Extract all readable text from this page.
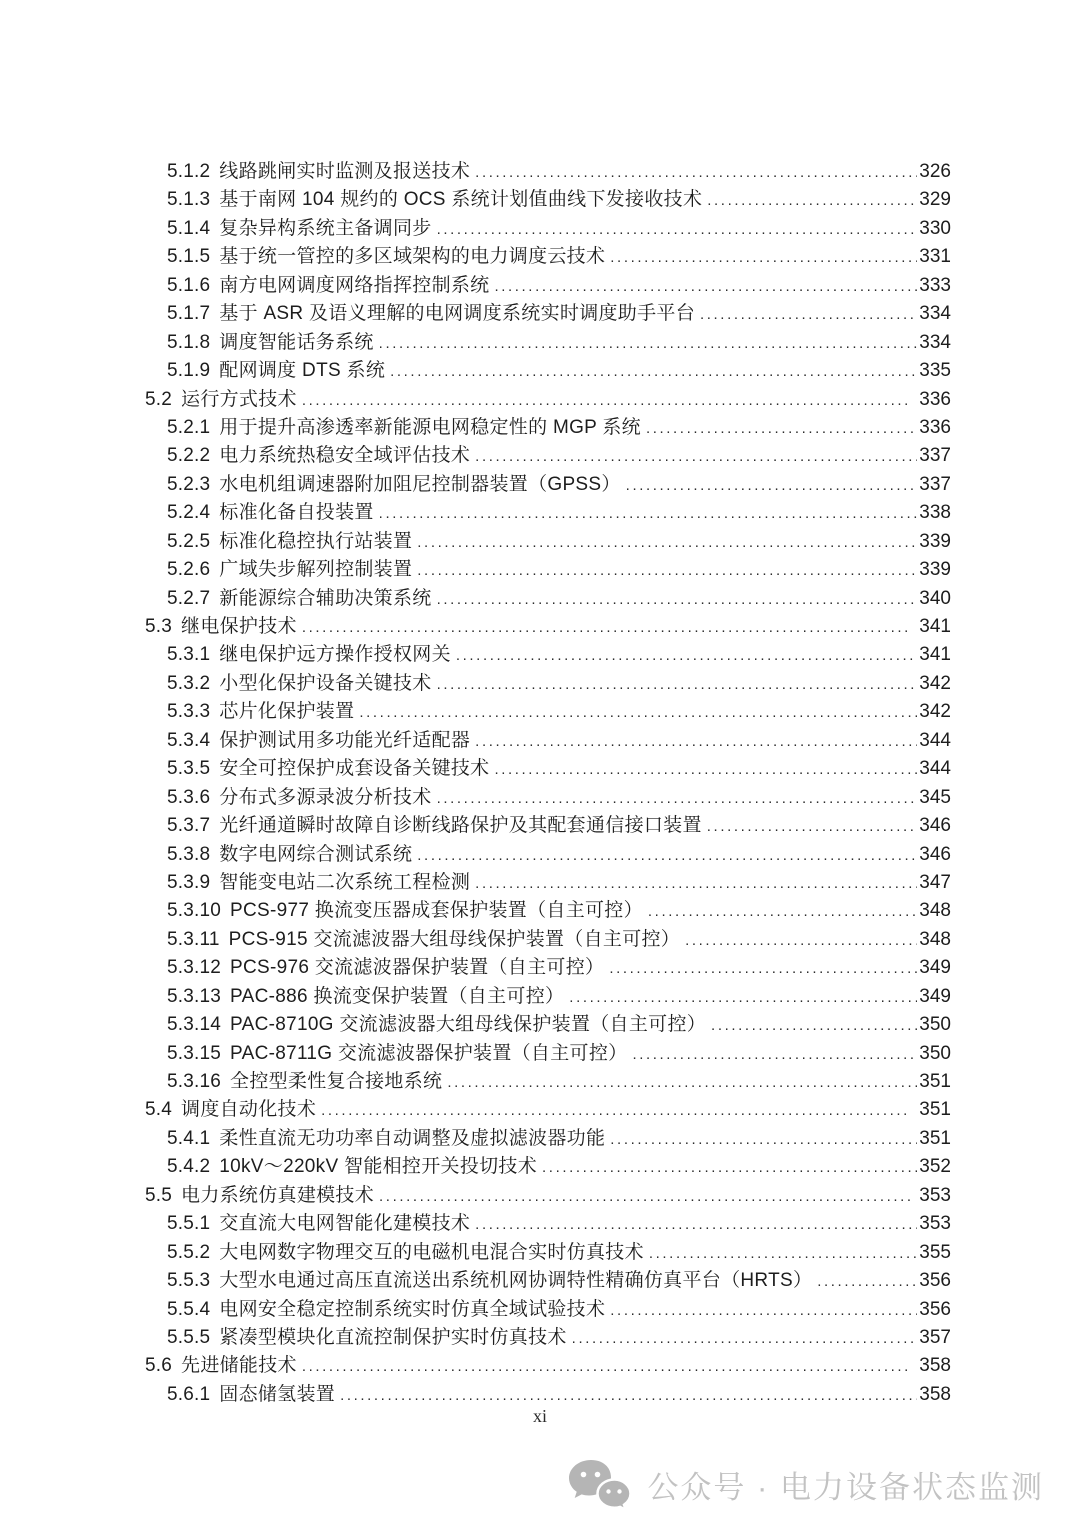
5.1.2 线路跳闸实时监测及报送技术 .....	326
5.1.3 基于南网 104 规约的 OCS 系统计划值曲线下发接收技术 .....	329
5.1.4 复杂异构系统主备调同步 .....	330
5.1.5 基于统一管控的多区域架构的电力调度云技术 .....	331
5.1.6 南方电网调度网络指挥控制系统 .....	333
5.1.7 基于 ASR 及语义理解的电网调度系统实时调度助手平台 .....	334
5.1.8 调度智能话务系统 .....	334
5.1.9 配网调度 DTS 系统 .....	335
5.2 运行方式技术 .....	336
5.2.1 用于提升高渗透率新能源电网稳定性的 MGP 系统 .....	336
5.2.2 电力系统热稳安全域评估技术 .....	337
5.2.3 水电机组调速器附加阻尼控制器装置（GPSS） .....	337
5.2.4 标准化备自投装置 .....	338
5.2.5 标准化稳控执行站装置 .....	339
5.2.6 广域失步解列控制装置 .....	339
5.2.7 新能源综合辅助决策系统 .....	340
5.3 继电保护技术 .....	341
5.3.1 继电保护远方操作授权网关 .....	341
5.3.2 小型化保护设备关键技术 .....	342
5.3.3 芯片化保护装置 .....	342
5.3.4 保护测试用多功能光纤适配器 .....	344
5.3.5 安全可控保护成套设备关键技术 .....	344
5.3.6 分布式多源录波分析技术 .....	345
5.3.7 光纤通道瞬时故障自诊断线路保护及其配套通信接口装置 .....	346
5.3.8 数字电网综合测试系统 .....	346
5.3.9 智能变电站二次系统工程检测 .....	347
5.3.10 PCS-977 换流变压器成套保护装置（自主可控） .....	348
5.3.11 PCS-915 交流滤波器大组母线保护装置（自主可控） .....	348
5.3.12 PCS-976 交流滤波器保护装置（自主可控） .....	349
5.3.13 PAC-886 换流变保护装置（自主可控） .....	349
5.3.14 PAC-8710G 交流滤波器大组母线保护装置（自主可控） .....	350
5.3.15 PAC-8711G 交流滤波器保护装置（自主可控） .....	350
5.3.16 全控型柔性复合接地系统 .....	351
5.4 调度自动化技术 .....	351
5.4.1 柔性直流无功功率自动调整及虚拟滤波器功能 .....	351
5.4.2 10kV～220kV 智能相控开关投切技术 .....	352
5.5 电力系统仿真建模技术 .....	353
5.5.1 交直流大电网智能化建模技术 .....	353
5.5.2 大电网数字物理交互的电磁机电混合实时仿真技术 .....	355
5.5.3 大型水电通过高压直流送出系统机网协调特性精确仿真平台（HRTS） .....	356
5.5.4 电网安全稳定控制系统实时仿真全域试验技术 .....	356
5.5.5 紧凑型模块化直流控制保护实时仿真技术 .....	357
5.6 先进储能技术 .....	358
5.6.1 固态储氢装置 .....	358
xi
公众号 · 电力设备状态监测
